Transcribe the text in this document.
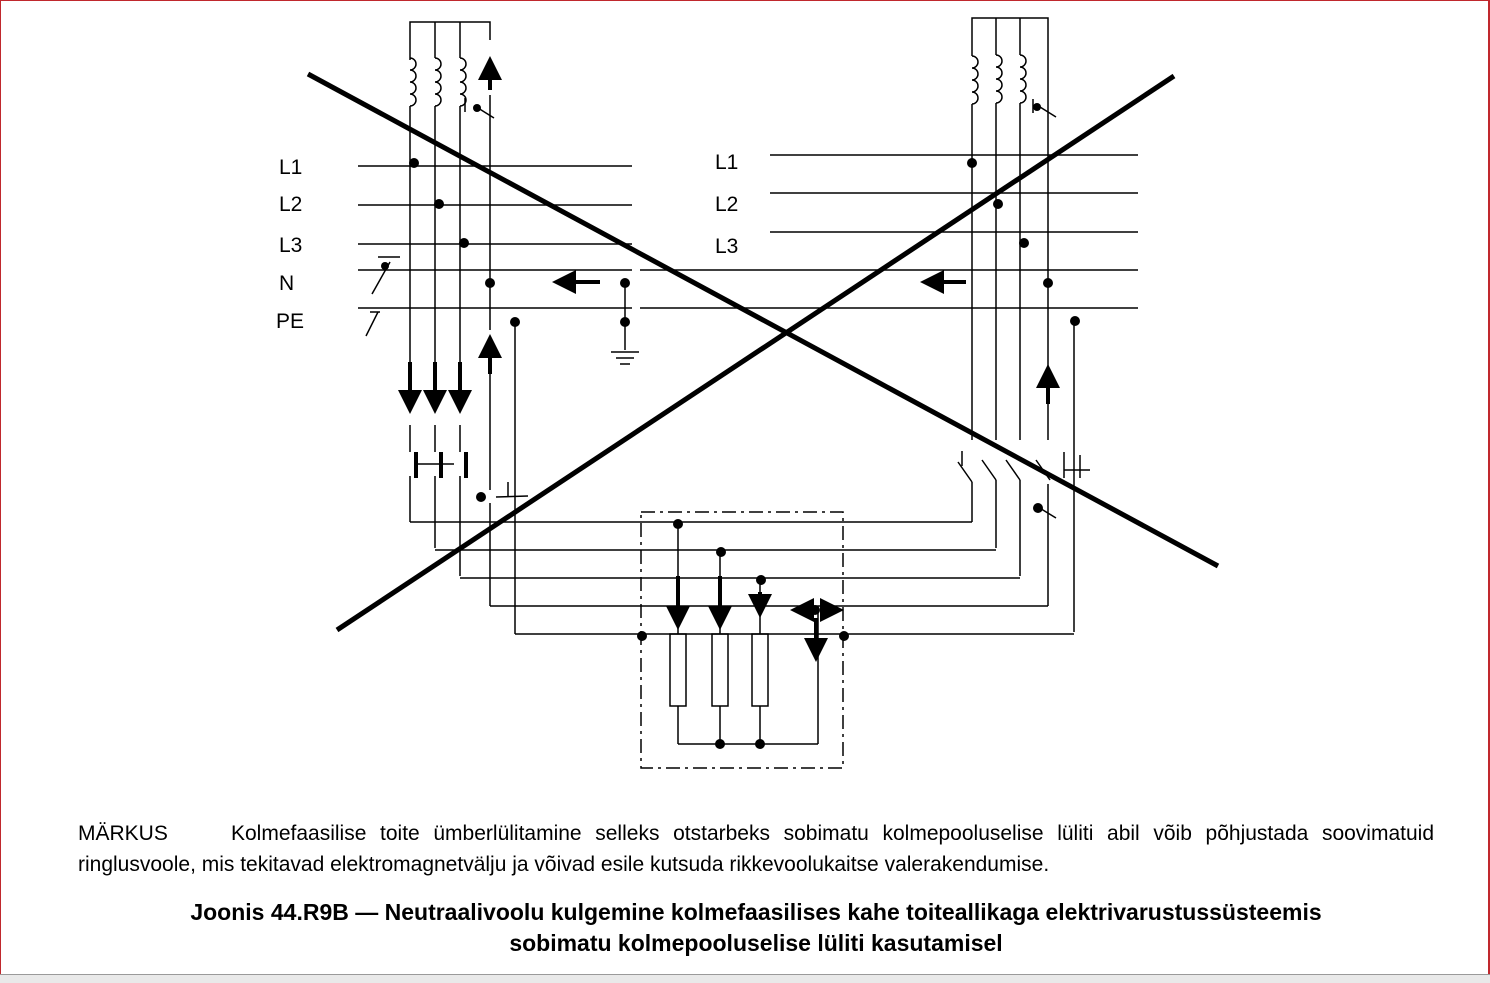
L1
L2
L3
N
PE
L1
L2
L3
MÄRKUS	Kolmefaasilise toite ümberlülitamine selleks otstarbeks sobimatu kolmepooluselise lüliti abil võib põhjustada soovimatuid ringlusvoole, mis tekitavad elektromagnetvälju ja võivad esile kutsuda rikkevoolukaitse valerakendumise.
Joonis 44.R9B — Neutraalivoolu kulgemine kolmefaasilises kahe toiteallikaga elektrivarustussüsteemis
sobimatu kolmepooluselise lüliti kasutamisel
